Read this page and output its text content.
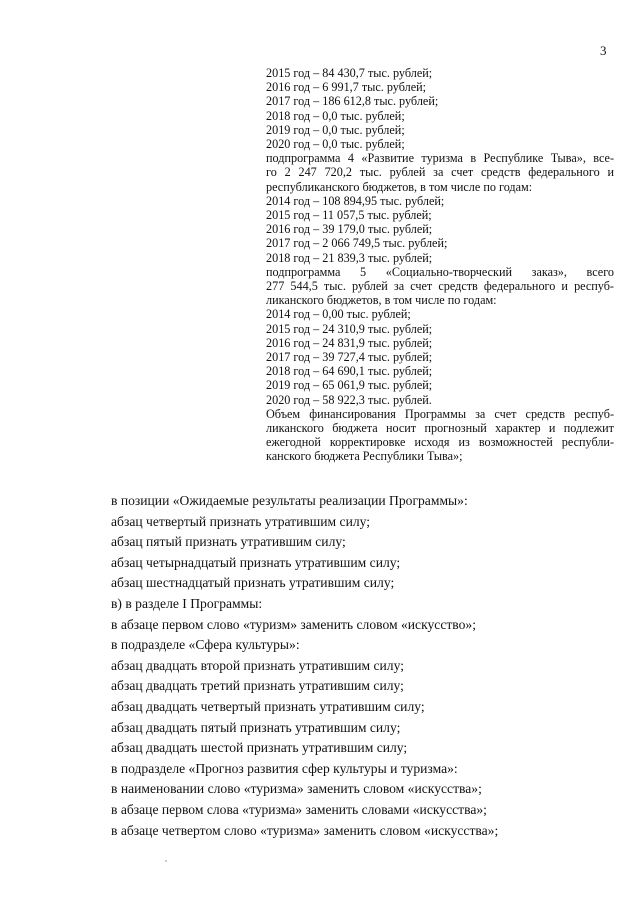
3

2015 год – 84 430,7 тыс. рублей;

2016 год – 6 991,7 тыс. рублей;

2017 год – 186 612,8 тыс. рублей;

2018 год – 0,0 тыс. рублей;

2019 год – 0,0 тыс. рублей;

2020 год – 0,0 тыс. рублей;

подпрограмма 4 «Развитие туризма в Республике Тыва», все-

го 2 247 720,2 тыс. рублей за счет средств федерального и

республиканского бюджетов, в том числе по годам:

2014 год – 108 894,95 тыс. рублей;

2015 год – 11 057,5 тыс. рублей;

2016 год – 39 179,0 тыс. рублей;

2017 год – 2 066 749,5 тыс. рублей;

2018 год – 21 839,3 тыс. рублей;

подпрограмма 5 «Социально-творческий заказ», всего

277 544,5 тыс. рублей за счет средств федерального и респуб-

ликанского бюджетов, в том числе по годам:

2014 год – 0,00 тыс. рублей;

2015 год – 24 310,9 тыс. рублей;

2016 год – 24 831,9 тыс. рублей;

2017 год – 39 727,4 тыс. рублей;

2018 год – 64 690,1 тыс. рублей;

2019 год – 65 061,9 тыс. рублей;

2020 год – 58 922,3 тыс. рублей.

Объем финансирования Программы за счет средств респуб-

ликанского бюджета носит прогнозный характер и подлежит

ежегодной корректировке исходя из возможностей республи-

канского бюджета Республики Тыва»;

в позиции «Ожидаемые результаты реализации Программы»:

абзац четвертый признать утратившим силу;

абзац пятый признать утратившим силу;

абзац четырнадцатый признать утратившим силу;

абзац шестнадцатый признать утратившим силу;

в) в разделе I Программы:

в абзаце первом слово «туризм» заменить словом «искусство»;

в подразделе «Сфера культуры»:

абзац двадцать второй признать утратившим силу;

абзац двадцать третий признать утратившим силу;

абзац двадцать четвертый признать утратившим силу;

абзац двадцать пятый признать утратившим силу;

абзац двадцать шестой признать утратившим силу;

в подразделе «Прогноз развития сфер культуры и туризма»:

в наименовании слово «туризма» заменить словом «искусства»;

в абзаце первом слова «туризма» заменить словами «искусства»;

в абзаце четвертом слово «туризма» заменить словом «искусства»;
